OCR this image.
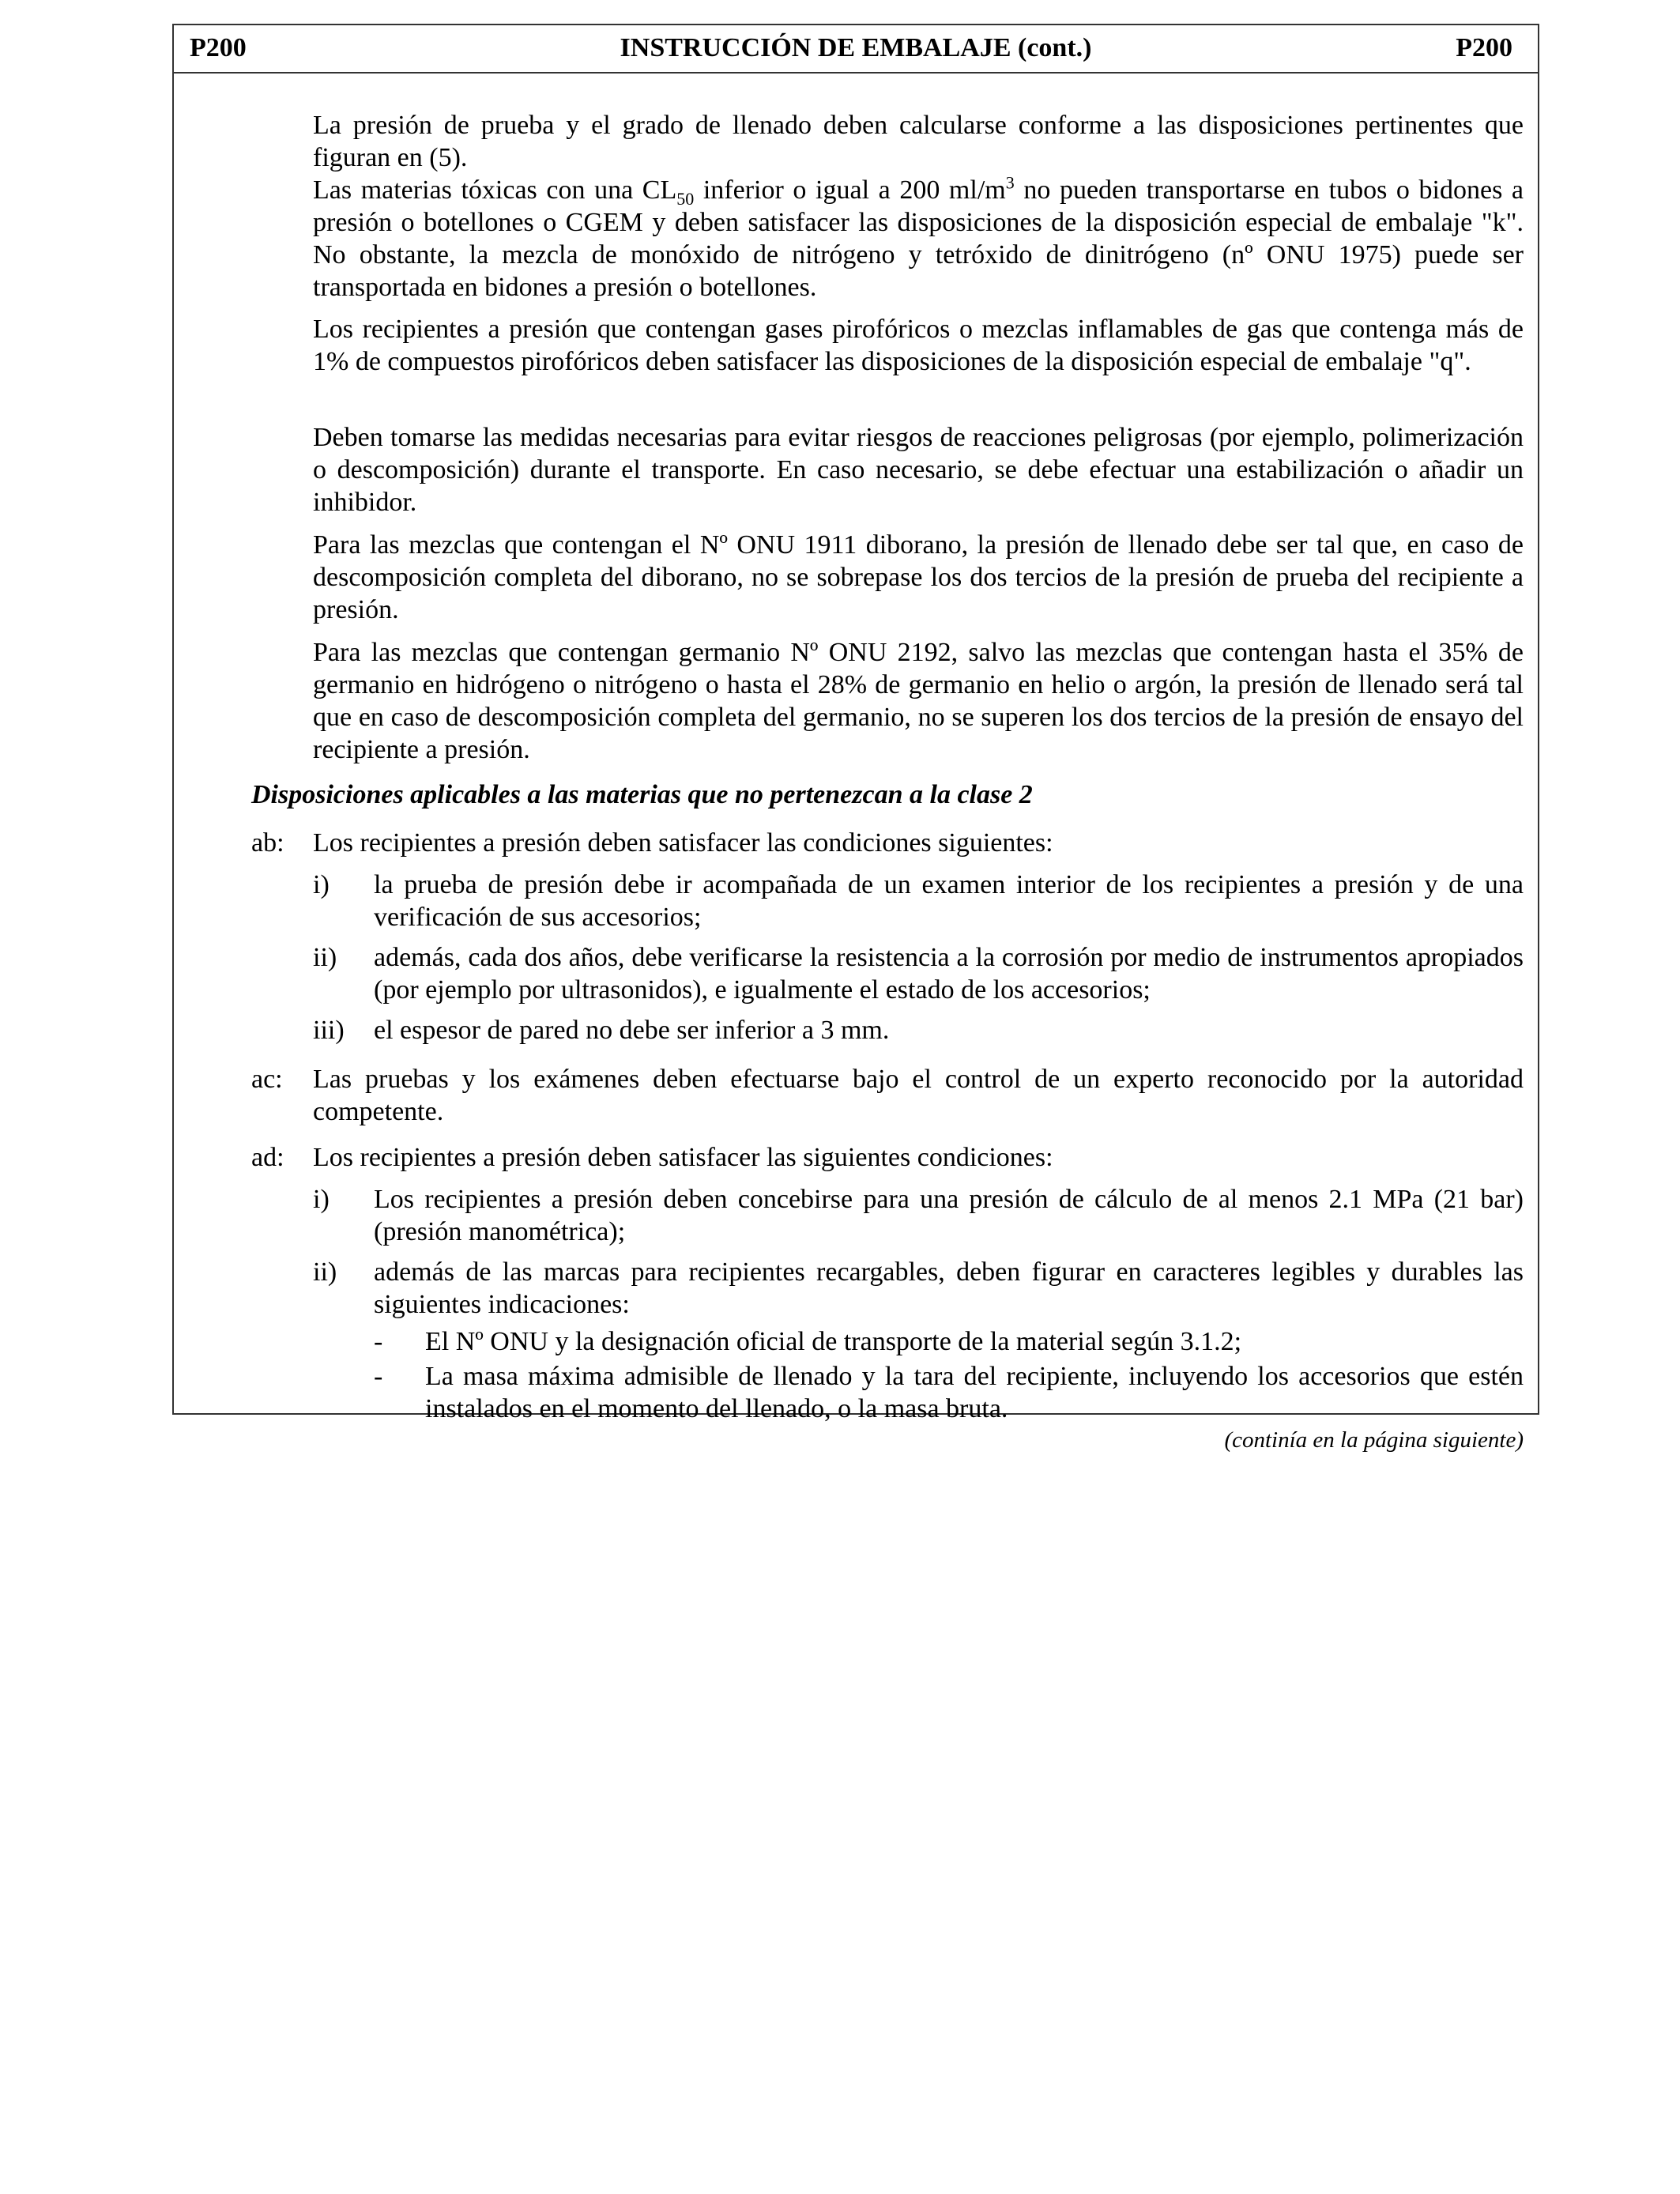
P200	INSTRUCCIÓN DE EMBALAJE (cont.)	P200
La presión de prueba y el grado de llenado deben calcularse conforme a las disposiciones pertinentes que figuran en (5).
Las materias tóxicas con una $CL_{50}$ inferior o igual a 200 $ml/m^3$ no pueden transportarse en tubos o bidones a presión o botellones o CGEM y deben satisfacer las disposiciones de la disposición especial de embalaje "k". No obstante, la mezcla de monóxido de nitrógeno y tetróxido de dinitrógeno (nº ONU 1975) puede ser transportada en bidones a presión o botellones.
Los recipientes a presión que contengan gases pirofóricos o mezclas inflamables de gas que contenga más de 1% de compuestos pirofóricos deben satisfacer las disposiciones de la disposición especial de embalaje "q".
Deben tomarse las medidas necesarias para evitar riesgos de reacciones peligrosas (por ejemplo, polimerización o descomposición) durante el transporte. En caso necesario, se debe efectuar una estabilización o añadir un inhibidor.
Para las mezclas que contengan el Nº ONU 1911 diborano, la presión de llenado debe ser tal que, en caso de descomposición completa del diborano, no se sobrepase los dos tercios de la presión de prueba del recipiente a presión.
Para las mezclas que contengan germanio Nº ONU 2192, salvo las mezclas que contengan hasta el 35% de germanio en hidrógeno o nitrógeno o hasta el 28% de germanio en helio o argón, la presión de llenado será tal que en caso de descomposición completa del germanio, no se superen los dos tercios de la presión de ensayo del recipiente a presión.
Disposiciones aplicables a las materias que no pertenezcan a la clase 2
ab: Los recipientes a presión deben satisfacer las condiciones siguientes:
i) la prueba de presión debe ir acompañada de un examen interior de los recipientes a presión y de una verificación de sus accesorios;
ii) además, cada dos años, debe verificarse la resistencia a la corrosión por medio de instrumentos apropiados (por ejemplo por ultrasonidos), e igualmente el estado de los accesorios;
iii) el espesor de pared no debe ser inferior a 3 mm.
ac: Las pruebas y los exámenes deben efectuarse bajo el control de un experto reconocido por la autoridad competente.
ad: Los recipientes a presión deben satisfacer las siguientes condiciones:
i) Los recipientes a presión deben concebirse para una presión de cálculo de al menos 2.1 MPa (21 bar) (presión manométrica);
ii) además de las marcas para recipientes recargables, deben figurar en caracteres legibles y durables las siguientes indicaciones:
- El Nº ONU y la designación oficial de transporte de la material según 3.1.2;
- La masa máxima admisible de llenado y la tara del recipiente, incluyendo los accesorios que estén instalados en el momento del llenado, o la masa bruta.
(continía en la página siguiente)
